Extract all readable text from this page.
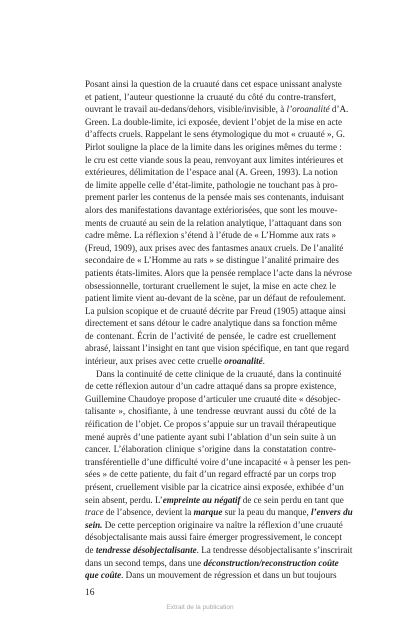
Posant ainsi la question de la cruauté dans cet espace unissant analyste
et patient, l’auteur questionne la cruauté du côté du contre-transfert,
ouvrant le travail au-dedans/dehors, visible/invisible, à l’oroanalité d’A.
Green. La double-limite, ici exposée, devient l’objet de la mise en acte
d’affects cruels. Rappelant le sens étymologique du mot « cruauté », G.
Pirlot souligne la place de la limite dans les origines mêmes du terme :
le cru est cette viande sous la peau, renvoyant aux limites intérieures et
extérieures, délimitation de l’espace anal (A. Green, 1993). La notion
de limite appelle celle d’état-limite, pathologie ne touchant pas à pro-
prement parler les contenus de la pensée mais ses contenants, induisant
alors des manifestations davantage extériorisées, que sont les mouve-
ments de cruauté au sein de la relation analytique, l’attaquant dans son
cadre même. La réflexion s’étend à l’étude de « L’Homme aux rats »
(Freud, 1909), aux prises avec des fantasmes anaux cruels. De l’analité
secondaire de « L’Homme au rats » se distingue l’analité primaire des
patients états-limites. Alors que la pensée remplace l’acte dans la névrose
obsessionnelle, torturant cruellement le sujet, la mise en acte chez le
patient limite vient au-devant de la scène, par un défaut de refoulement.
La pulsion scopique et de cruauté décrite par Freud (1905) attaque ainsi
directement et sans détour le cadre analytique dans sa fonction même
de contenant. Écrin de l’activité de pensée, le cadre est cruellement
abrasé, laissant l’insight en tant que vision spécifique, en tant que regard
intérieur, aux prises avec cette cruelle oroanalité.
Dans la continuité de cette clinique de la cruauté, dans la continuité
de cette réflexion autour d’un cadre attaqué dans sa propre existence,
Guillemine Chaudoye propose d’articuler une cruauté dite « désobjec-
talisante », chosifiante, à une tendresse œuvrant aussi du côté de la
réification de l’objet. Ce propos s’appuie sur un travail thérapeutique
mené auprès d’une patiente ayant subi l’ablation d’un sein suite à un
cancer. L’élaboration clinique s’origine dans la constatation contre-
transférentielle d’une difficulté voire d’une incapacité « à penser les pen-
sées » de cette patiente, du fait d’un regard effracté par un corps trop
présent, cruellement visible par la cicatrice ainsi exposée, exhibée d’un
sein absent, perdu. L’empreinte au négatif de ce sein perdu en tant que
trace de l’absence, devient la marque sur la peau du manque, l’envers du
sein. De cette perception originaire va naître la réflexion d’une cruauté
désobjectalisante mais aussi faire émerger progressivement, le concept
de tendresse désobjectalisante. La tendresse désobjectalisante s’inscrirait
dans un second temps, dans une déconstruction/reconstruction coûte
que coûte. Dans un mouvement de régression et dans un but toujours
16
Extrait de la publication
